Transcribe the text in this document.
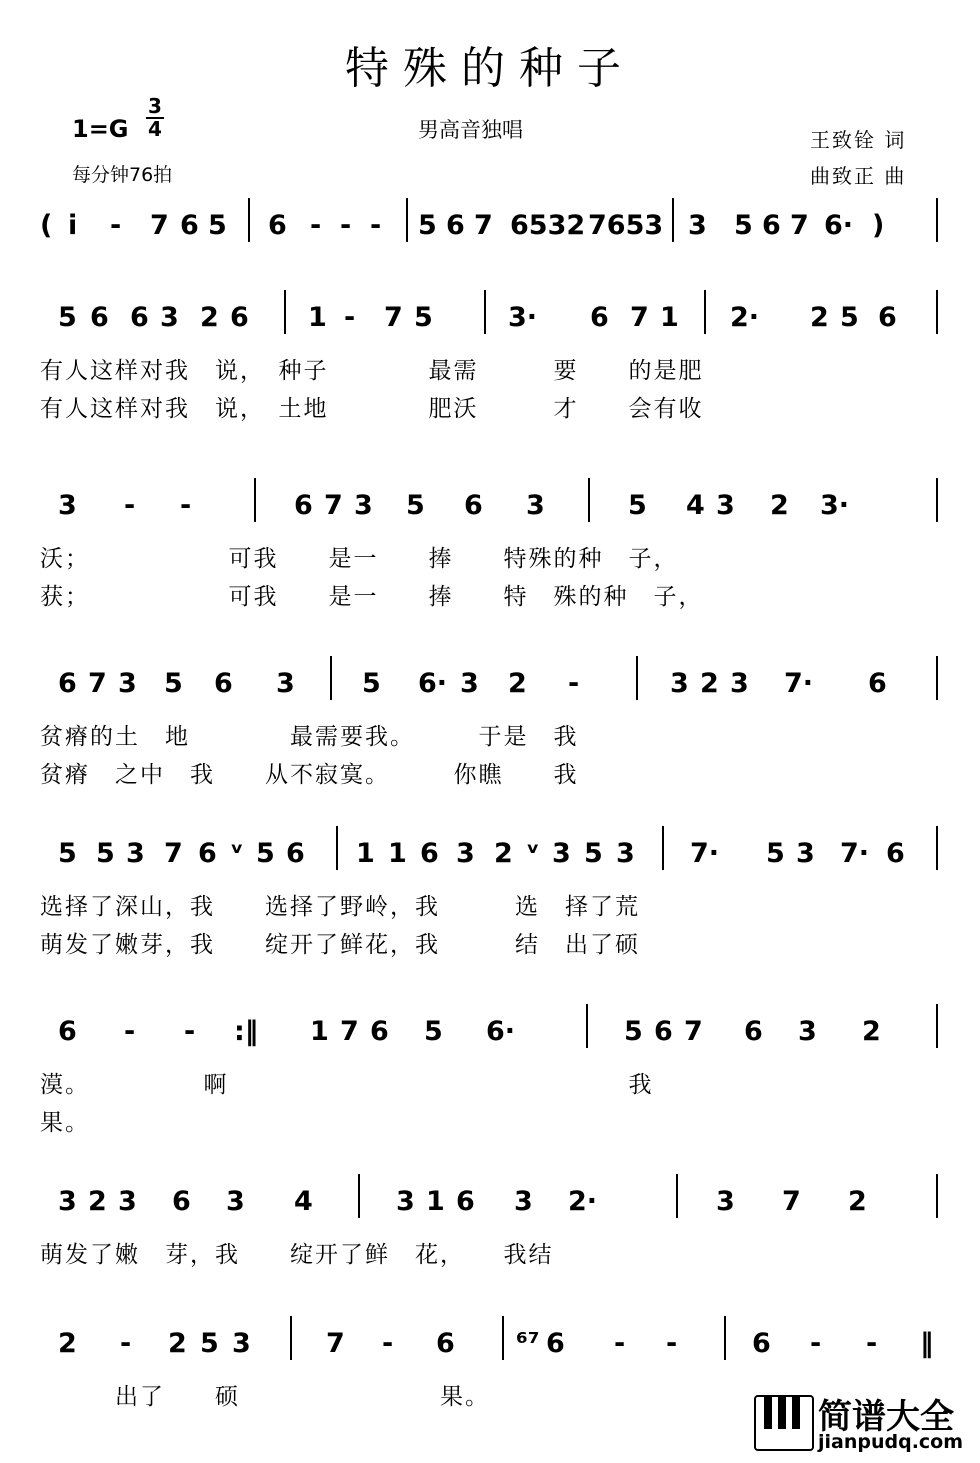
特殊的种子
1=G
3
4
每分钟76拍
男高音独唱	王致铨 词
曲致正 曲
( i - 7 6 5 6 - - - 5 6 7 6532 7653 3 5 6 7 6· )
5 6 6 3 2 6 1 - 7 5	3· 6 7 1 2· 2 5 6
有人这样对我　说，　种子　　　　最需　　　要　　的是肥
有人这样对我　说，　土地　　　　肥沃　　　才　　会有收
3 - -	6 7 3 5 6 3	5 4 3 2 3·
沃；　　　　　　可我　　是一　　捧　　特殊的种　子，
获；　　　　　　可我　　是一　　捧　　特　殊的种　子，
6 7 3 5 6 3 5 6· 3 2 -	3 2 3 7· 6
贫瘠的土　地　　　　最需要我。　　　于是　我
贫瘠　之中　我　　从不寂寞。　　　你瞧　　我
5 5 3 7 6 ᵛ 5 6 1 1 6 3 2 ᵛ 3 5 3 7· 5 3 7· 6
选择了深山，我　　选择了野岭，我　　　选　择了荒
萌发了嫩芽，我　　绽开了鲜花，我　　　结　出了硕
6 - - :‖ 1 7 6 5 6·	5 6 7 6 3 2
漠。　　　　　啊　　　　　　　　　　　　　　　　我
果。
3 2 3 6 3 4	3 1 6 3 2·	3 7 2
萌发了嫩　芽，我　　绽开了鲜　花，　　我结
2 - 2 5 3	7 - 6 ⁶⁷ 6 - -	6 - - ‖
　　　出了　　硕　　　　　　　　果。	简谱大全
jianpudq.com
